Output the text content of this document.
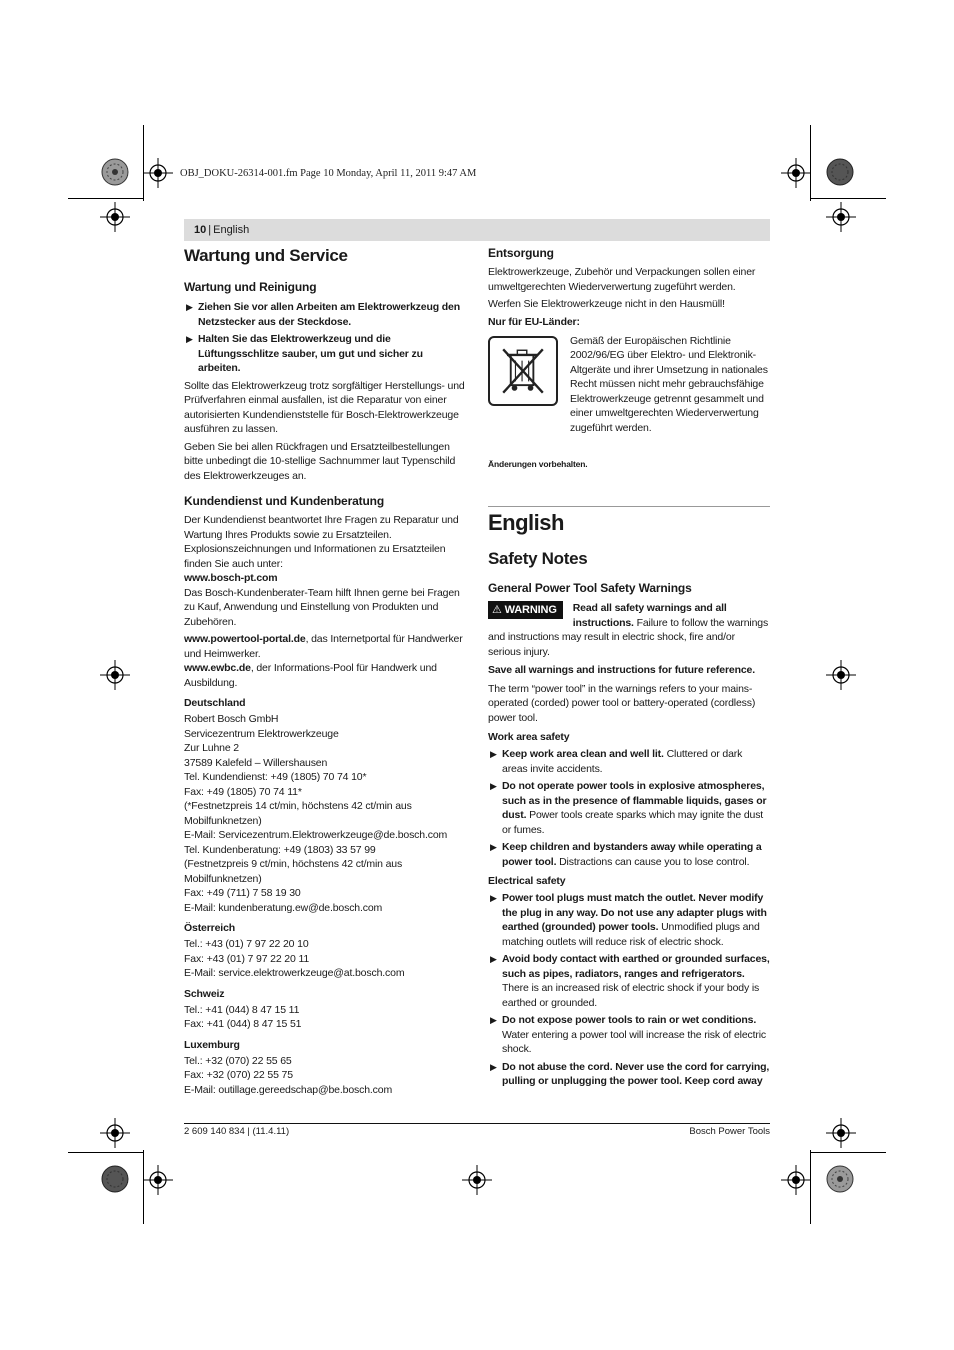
OBJ_DOKU-26314-001.fm Page 10 Monday, April 11, 2011 9:47 AM
10 | English
Wartung und Service
Wartung und Reinigung
▶ Ziehen Sie vor allen Arbeiten am Elektrowerkzeug den Netzstecker aus der Steckdose.
▶ Halten Sie das Elektrowerkzeug und die Lüftungsschlitze sauber, um gut und sicher zu arbeiten.

Sollte das Elektrowerkzeug trotz sorgfältiger Herstellungs- und Prüfverfahren einmal ausfallen, ist die Reparatur von einer autorisierten Kundendienststelle für Bosch-Elektrowerkzeuge ausführen zu lassen.

Geben Sie bei allen Rückfragen und Ersatzteilbestellungen bitte unbedingt die 10-stellige Sachnummer laut Typenschild des Elektrowerkzeuges an.

Kundendienst und Kundenberatung

Der Kundendienst beantwortet Ihre Fragen zu Reparatur und Wartung Ihres Produkts sowie zu Ersatzteilen. Explosionszeichnungen und Informationen zu Ersatzteilen finden Sie auch unter:

www.bosch-pt.com

Das Bosch-Kundenberater-Team hilft Ihnen gerne bei Fragen zu Kauf, Anwendung und Einstellung von Produkten und Zubehören.

www.powertool-portal.de, das Internetportal für Handwerker und Heimwerker.

www.ewbc.de, der Informations-Pool für Handwerk und Ausbildung.

Deutschland

Robert Bosch GmbH

Servicezentrum Elektrowerkzeuge

Zur Luhne 2

37589 Kalefeld – Willershausen

Tel. Kundendienst: +49 (1805) 70 74 10*

Fax: +49 (1805) 70 74 11*

(*Festnetzpreis 14 ct/min, höchstens 42 ct/min aus Mobilfunknetzen)

E-Mail: Servicezentrum.Elektrowerkzeuge@de.bosch.com

Tel. Kundenberatung: +49 (1803) 33 57 99

(Festnetzpreis 9 ct/min, höchstens 42 ct/min aus Mobilfunknetzen)

Fax: +49 (711) 7 58 19 30

E-Mail: kundenberatung.ew@de.bosch.com

Österreich

Tel.: +43 (01) 7 97 22 20 10

Fax: +43 (01) 7 97 22 20 11

E-Mail: service.elektrowerkzeuge@at.bosch.com

Schweiz

Tel.: +41 (044) 8 47 15 11

Fax: +41 (044) 8 47 15 51

Luxemburg

Tel.: +32 (070) 22 55 65

Fax: +32 (070) 22 55 75

E-Mail: outillage.gereedschap@be.bosch.com

Entsorgung

Elektrowerkzeuge, Zubehör und Verpackungen sollen einer umweltgerechten Wiederverwertung zugeführt werden.

Werfen Sie Elektrowerkzeuge nicht in den Hausmüll!

Nur für EU-Länder:

Gemäß der Europäischen Richtlinie 2002/96/EG über Elektro- und Elektronik-Altgeräte und ihrer Umsetzung in nationales Recht müssen nicht mehr gebrauchsfähige Elektrowerkzeuge getrennt gesammelt und einer umweltgerechten Wiederverwertung zugeführt werden.

Änderungen vorbehalten.

English
Safety Notes
General Power Tool Safety Warnings

⚠ WARNING	Read all safety warnings and all instructions. Failure to follow the warnings and instructions may result in electric shock, fire and/or serious injury.

Save all warnings and instructions for future reference.

The term “power tool” in the warnings refers to your mains-operated (corded) power tool or battery-operated (cordless) power tool.

Work area safety
▶ Keep work area clean and well lit. Cluttered or dark areas invite accidents.
▶ Do not operate power tools in explosive atmospheres, such as in the presence of flammable liquids, gases or dust. Power tools create sparks which may ignite the dust or fumes.
▶ Keep children and bystanders away while operating a power tool. Distractions can cause you to lose control.
Electrical safety
▶ Power tool plugs must match the outlet. Never modify the plug in any way. Do not use any adapter plugs with earthed (grounded) power tools. Unmodified plugs and matching outlets will reduce risk of electric shock.
▶ Avoid body contact with earthed or grounded surfaces, such as pipes, radiators, ranges and refrigerators. There is an increased risk of electric shock if your body is earthed or grounded.
▶ Do not expose power tools to rain or wet conditions. Water entering a power tool will increase the risk of electric shock.
▶ Do not abuse the cord. Never use the cord for carrying, pulling or unplugging the power tool. Keep cord away
2 609 140 834 | (11.4.11)	Bosch Power Tools
